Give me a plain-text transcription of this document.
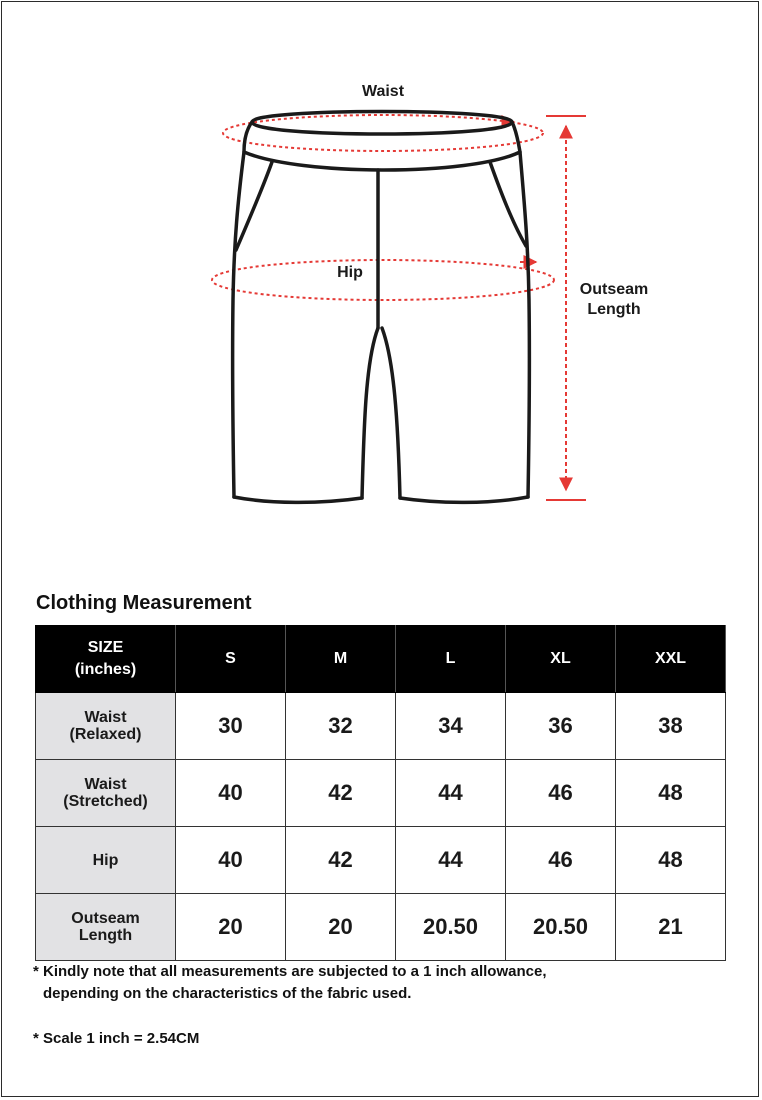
Waist
Hip
Outseam
Length
Clothing Measurement
SIZE
(inches)	S	M	L	XL	XXL

Waist
(Relaxed)	30	32	34	36	38

Waist
(Stretched)	40	42	44	46	48

Hip	40	42	44	46	48

Outseam
Length	20	20	20.50	20.50	21
* Kindly note that all measurements are subjected to a 1 inch allowance,
depending on the characteristics of the fabric used.
* Scale 1 inch = 2.54CM
